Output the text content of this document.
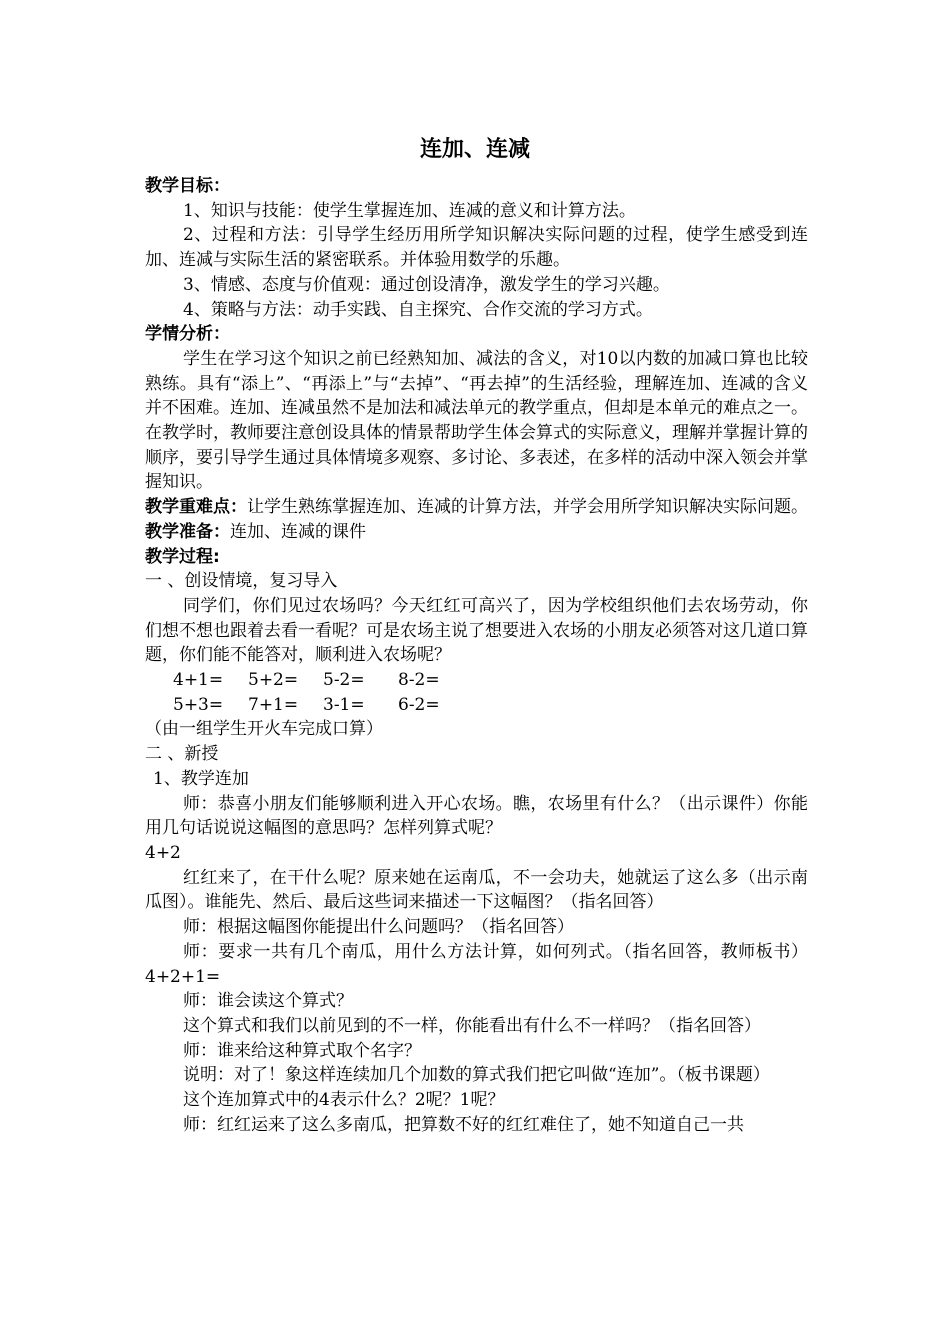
连加、连减

教学目标：

1、知识与技能：使学生掌握连加、连减的意义和计算方法。

2、过程和方法：引导学生经历用所学知识解决实际问题的过程，使学生感受到连加、连减与实际生活的紧密联系。并体验用数学的乐趣。

3、情感、态度与价值观：通过创设清净，激发学生的学习兴趣。

4、策略与方法：动手实践、自主探究、合作交流的学习方式。

学情分析：

学生在学习这个知识之前已经熟知加、减法的含义，对10以内数的加减口算也比较熟练。具有“添上”、“再添上”与“去掉”、“再去掉”的生活经验，理解连加、连减的含义并不困难。连加、连减虽然不是加法和减法单元的教学重点，但却是本单元的难点之一。在教学时，教师要注意创设具体的情景帮助学生体会算式的实际意义，理解并掌握计算的顺序，要引导学生通过具体情境多观察、多讨论、多表述，在多样的活动中深入领会并掌握知识。

教学重难点：让学生熟练掌握连加、连减的计算方法，并学会用所学知识解决实际问题。

教学准备：连加、连减的课件

教学过程:

一 、创设情境，复习导入

同学们，你们见过农场吗？今天红红可高兴了，因为学校组织他们去农场劳动，你们想不想也跟着去看一看呢？可是农场主说了想要进入农场的小朋友必须答对这几道口算题，你们能不能答对，顺利进入农场呢？

4+1=	5+2=	5-2=	8-2=
5+3=	7+1=	3-1=	6-2=

（由一组学生开火车完成口算）

二 、新授

1、教学连加

师：恭喜小朋友们能够顺利进入开心农场。瞧，农场里有什么？（出示课件）你能用几句话说说这幅图的意思吗？怎样列算式呢？

4+2

红红来了，在干什么呢？原来她在运南瓜，不一会功夫，她就运了这么多（出示南瓜图）。谁能先、然后、最后这些词来描述一下这幅图？（指名回答）

师：根据这幅图你能提出什么问题吗？（指名回答）

师：要求一共有几个南瓜，用什么方法计算，如何列式。（指名回答，教师板书）4+2+1=

师：谁会读这个算式？

这个算式和我们以前见到的不一样，你能看出有什么不一样吗？（指名回答）

师：谁来给这种算式取个名字？

说明：对了！象这样连续加几个加数的算式我们把它叫做“连加”。（板书课题）

这个连加算式中的4表示什么？2呢？1呢？

师：红红运来了这么多南瓜，把算数不好的红红难住了，她不知道自己一共
